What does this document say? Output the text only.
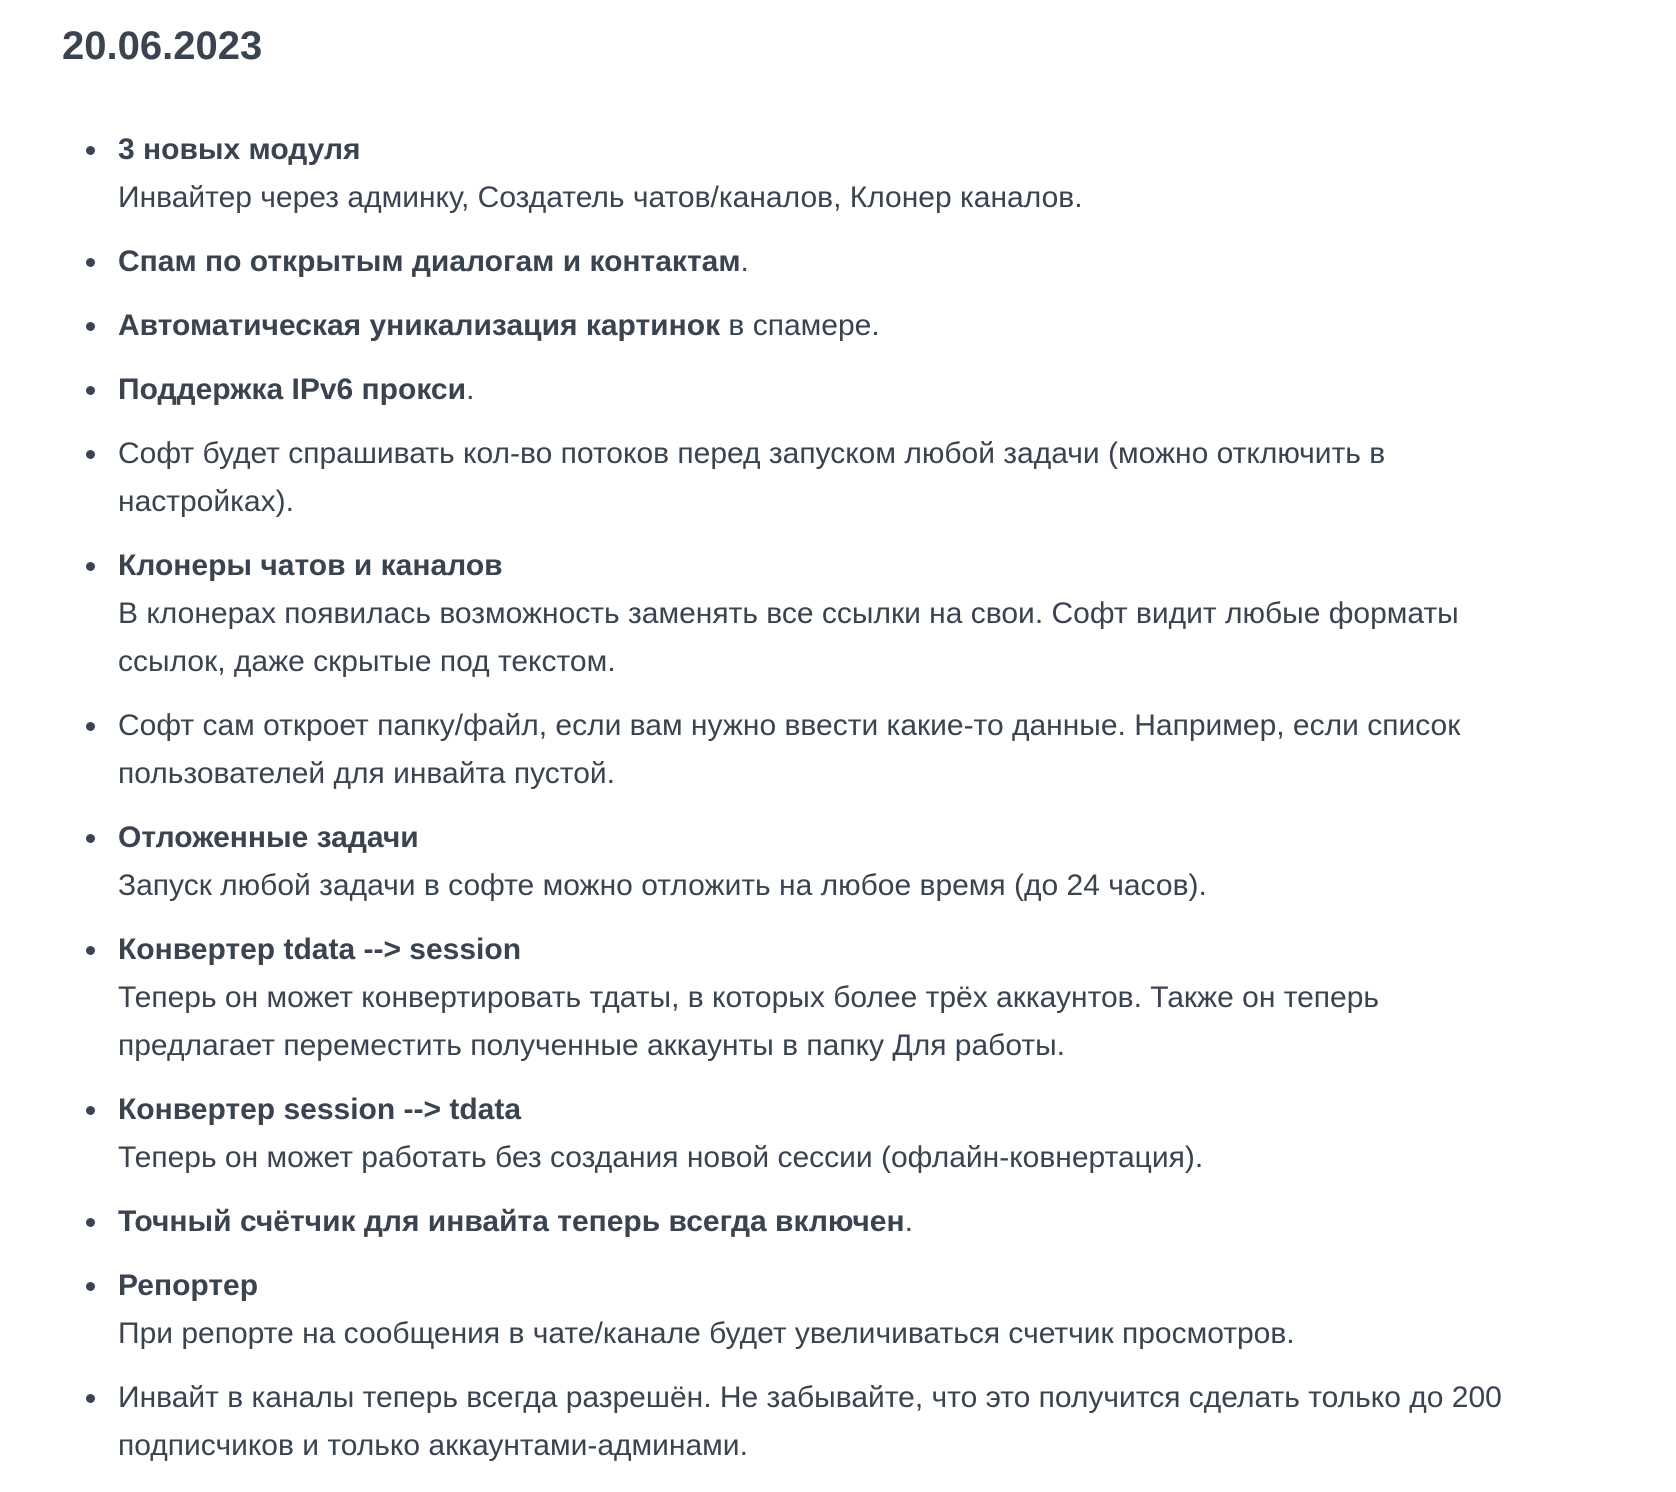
20.06.2023
3 новых модуля
Инвайтер через админку, Создатель чатов/каналов, Клонер каналов.
Спам по открытым диалогам и контактам.
Автоматическая уникализация картинок в спамере.
Поддержка IPv6 прокси.
Софт будет спрашивать кол-во потоков перед запуском любой задачи (можно отключить в настройках).
Клонеры чатов и каналов
В клонерах появилась возможность заменять все ссылки на свои. Софт видит любые форматы ссылок, даже скрытые под текстом.
Софт сам откроет папку/файл, если вам нужно ввести какие-то данные. Например, если список пользователей для инвайта пустой.
Отложенные задачи
Запуск любой задачи в софте можно отложить на любое время (до 24 часов).
Конвертер tdata --> session
Теперь он может конвертировать тдаты, в которых более трёх аккаунтов. Также он теперь предлагает переместить полученные аккаунты в папку Для работы.
Конвертер session --> tdata
Теперь он может работать без создания новой сессии (офлайн-ковнертация).
Точный счётчик для инвайта теперь всегда включен.
Репортер
При репорте на сообщения в чате/канале будет увеличиваться счетчик просмотров.
Инвайт в каналы теперь всегда разрешён. Не забывайте, что это получится сделать только до 200 подписчиков и только аккаунтами-админами.
